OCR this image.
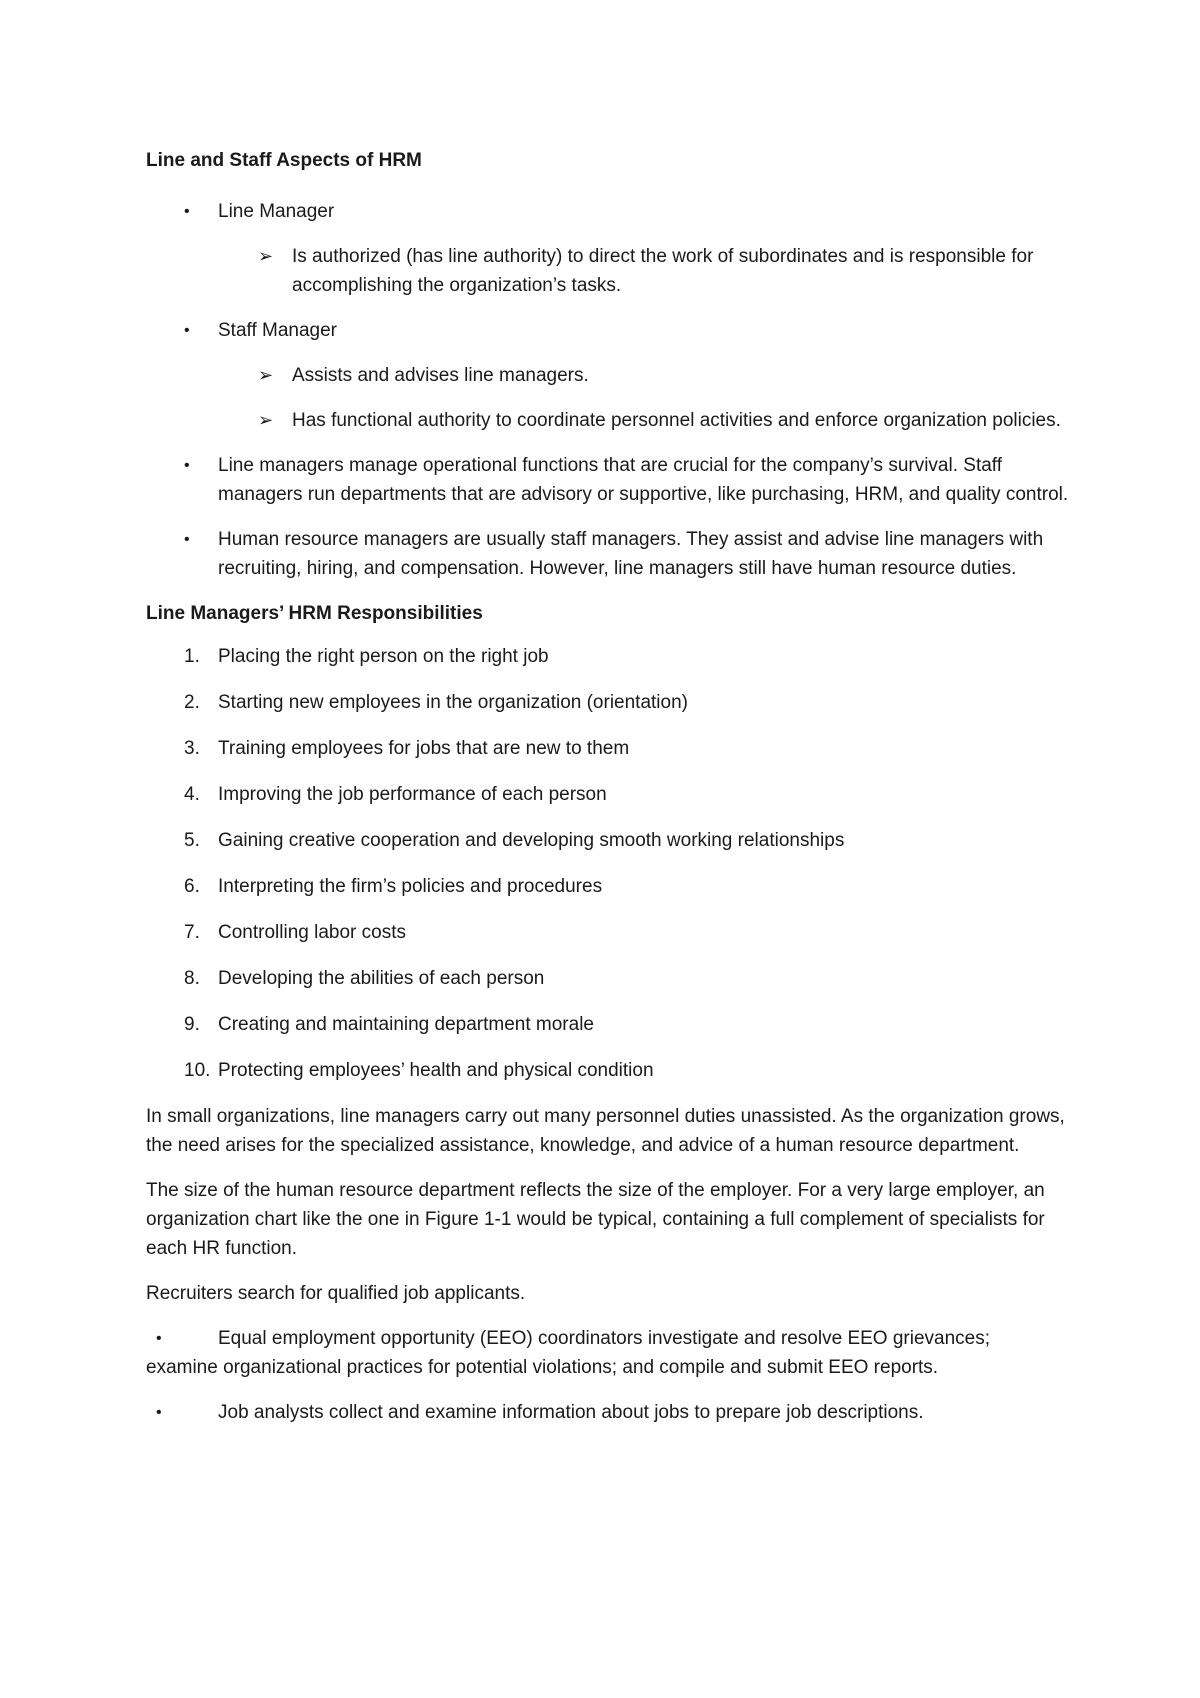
Line and Staff Aspects of HRM
• Line Manager
➢ Is authorized (has line authority) to direct the work of subordinates and is responsible for accomplishing the organization’s tasks.
• Staff Manager
➢ Assists and advises line managers.
➢ Has functional authority to coordinate personnel activities and enforce organization policies.
• Line managers manage operational functions that are crucial for the company’s survival. Staff managers run departments that are advisory or supportive, like purchasing, HRM, and quality control.
• Human resource managers are usually staff managers. They assist and advise line managers with recruiting, hiring, and compensation. However, line managers still have human resource duties.
Line Managers’ HRM Responsibilities
1. Placing the right person on the right job
2. Starting new employees in the organization (orientation)
3. Training employees for jobs that are new to them
4. Improving the job performance of each person
5. Gaining creative cooperation and developing smooth working relationships
6. Interpreting the firm’s policies and procedures
7. Controlling labor costs
8. Developing the abilities of each person
9. Creating and maintaining department morale
10. Protecting employees’ health and physical condition

In small organizations, line managers carry out many personnel duties unassisted. As the organization grows, the need arises for the specialized assistance, knowledge, and advice of a human resource department.

The size of the human resource department reflects the size of the employer. For a very large employer, an organization chart like the one in Figure 1-1 would be typical, containing a full complement of specialists for each HR function.

Recruiters search for qualified job applicants.

•	Equal employment opportunity (EEO) coordinators investigate and resolve EEO grievances;
examine organizational practices for potential violations; and compile and submit EEO reports.
•	Job analysts collect and examine information about jobs to prepare job descriptions.
